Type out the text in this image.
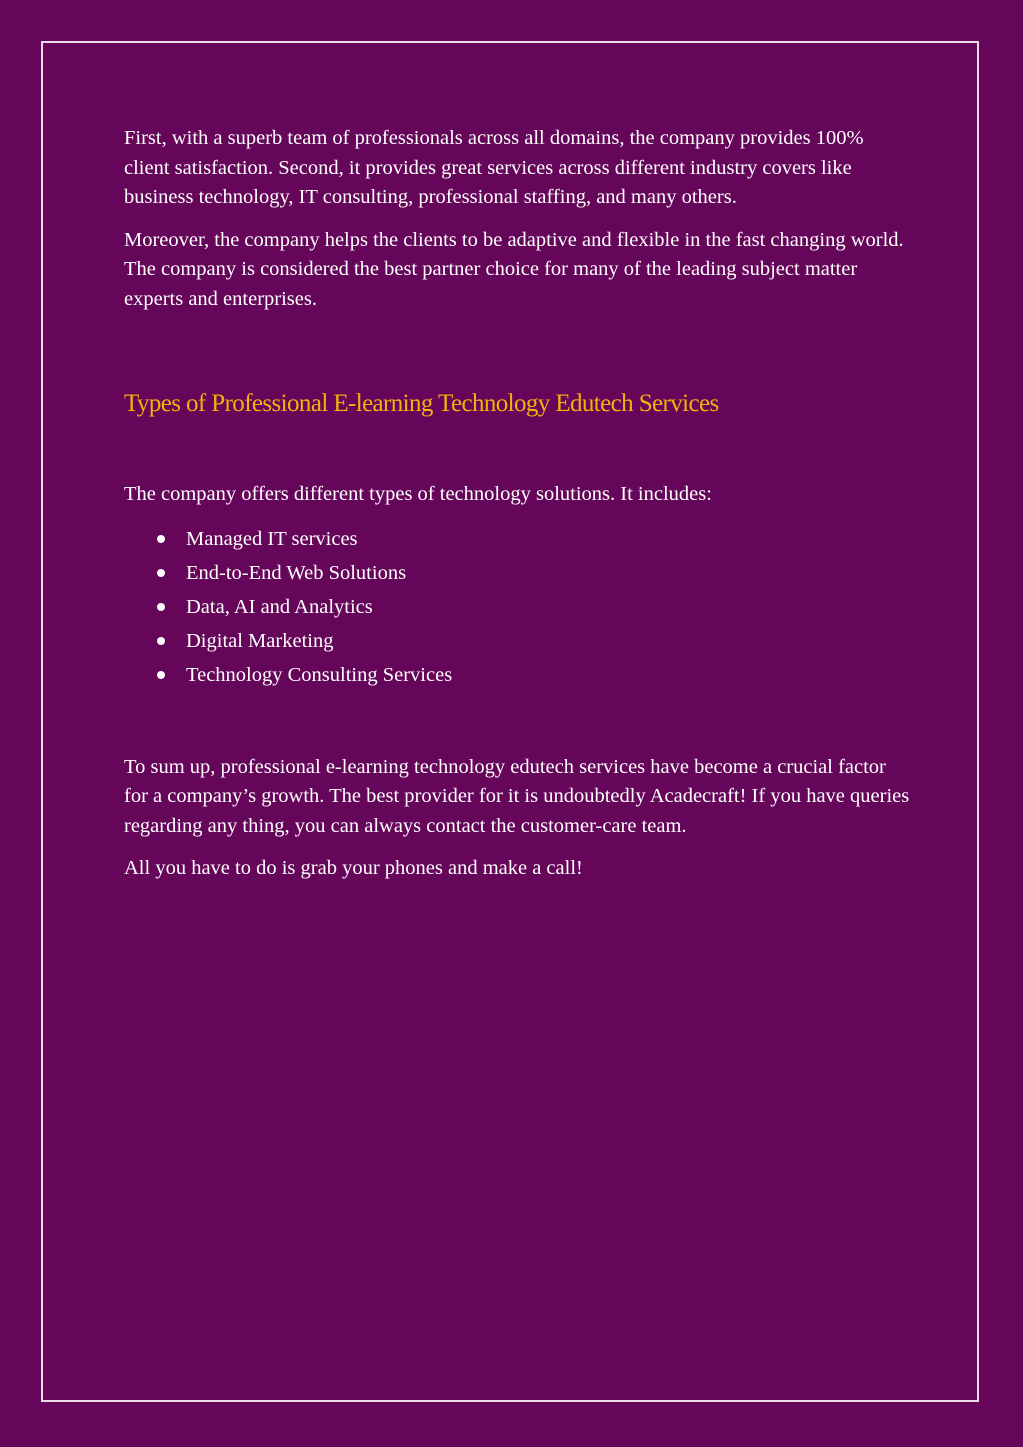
First, with a superb team of professionals across all domains, the company provides 100% client satisfaction. Second, it provides great services across different industry covers like business technology, IT consulting, professional staffing, and many others.

Moreover, the company helps the clients to be adaptive and flexible in the fast changing world. The company is considered the best partner choice for many of the leading subject matter experts and enterprises.

Types of Professional E-learning Technology Edutech Services

The company offers different types of technology solutions. It includes:

Managed IT services
End-to-End Web Solutions
Data, AI and Analytics
Digital Marketing
Technology Consulting Services

To sum up, professional e-learning technology edutech services have become a crucial factor for a company’s growth. The best provider for it is undoubtedly Acadecraft! If you have queries regarding any thing, you can always contact the customer-care team.

All you have to do is grab your phones and make a call!
